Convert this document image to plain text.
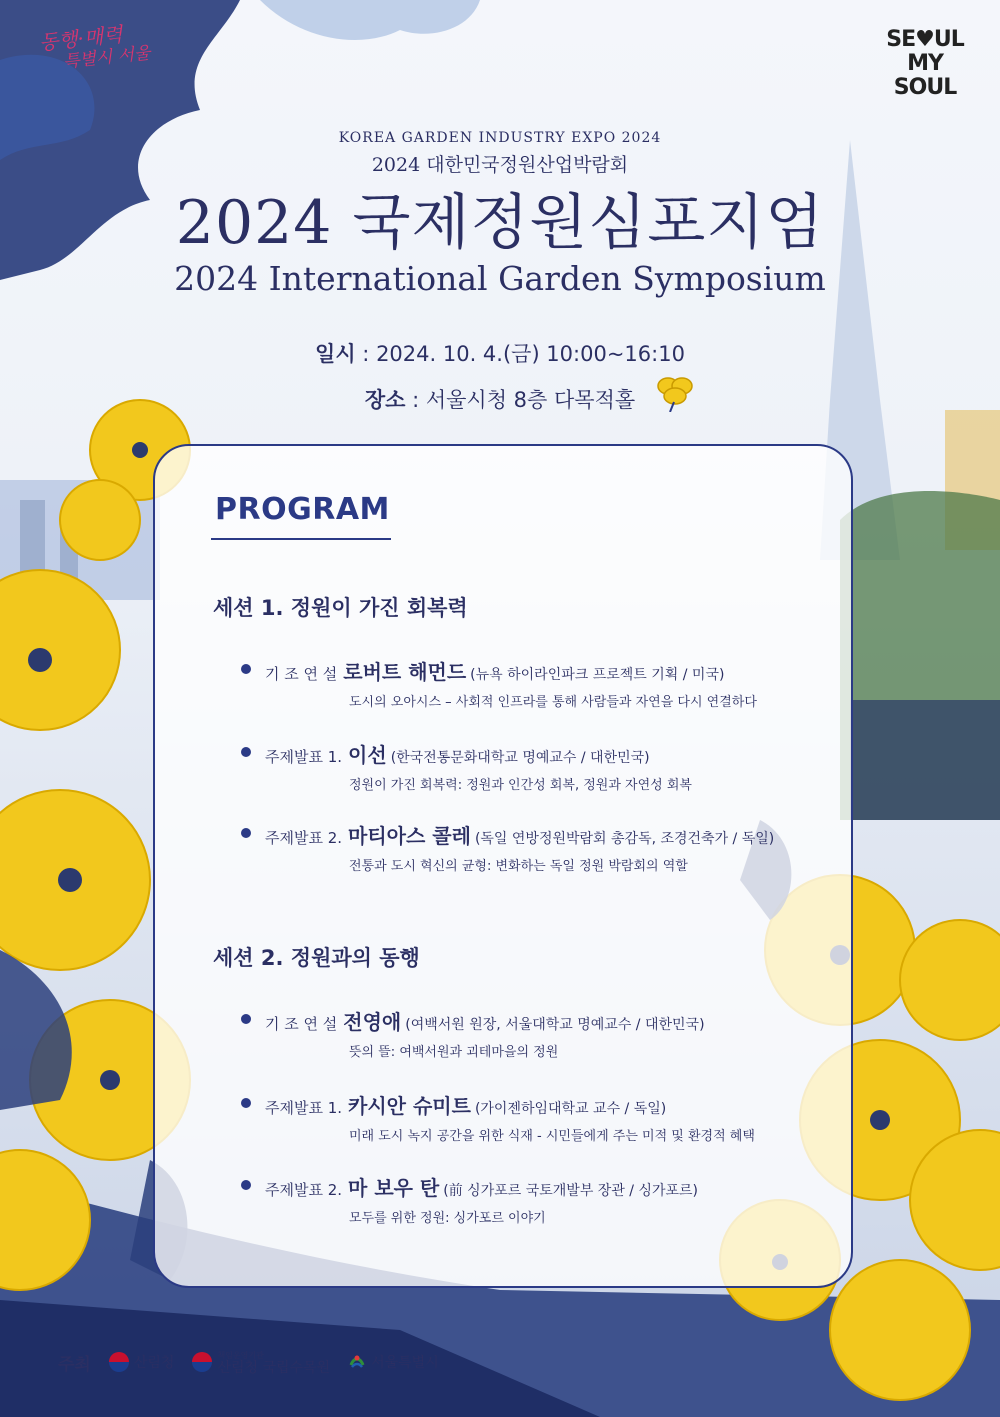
동행·매력
특별시 서울
SE♥UL
MY SOUL
KOREA GARDEN INDUSTRY EXPO 2024
2024 대한민국정원산업박람회
2024 국제정원심포지엄
2024 International Garden Symposium
일시 : 2024. 10. 4.(금) 10:00~16:10
장소 : 서울시청 8층 다목적홀
PROGRAM
세션 1. 정원이 가진 회복력
기 조 연 설 로버트 해먼드 (뉴욕 하이라인파크 프로젝트 기획 / 미국)
도시의 오아시스 – 사회적 인프라를 통해 사람들과 자연을 다시 연결하다
주제발표 1. 이선 (한국전통문화대학교 명예교수 / 대한민국)
정원이 가진 회복력: 정원과 인간성 회복, 정원과 자연성 회복
주제발표 2. 마티아스 콜레 (독일 연방정원박람회 총감독, 조경건축가 / 독일)
전통과 도시 혁신의 균형: 변화하는 독일 정원 박람회의 역할
세션 2. 정원과의 동행
기 조 연 설 전영애 (여백서원 원장, 서울대학교 명예교수 / 대한민국)
뜻의 뜰: 여백서원과 괴테마을의 정원
주제발표 1. 카시안 슈미트 (가이젠하임대학교 교수 / 독일)
미래 도시 녹지 공간을 위한 식재 - 시민들에게 주는 미적 및 환경적 혜택
주제발표 2. 마 보우 탄 (前 싱가포르 국토개발부 장관 / 싱가포르)
모두를 위한 정원: 싱가포르 이야기
주최	산림청	책임운영기관
산림청 국립수목원	서울특별시
